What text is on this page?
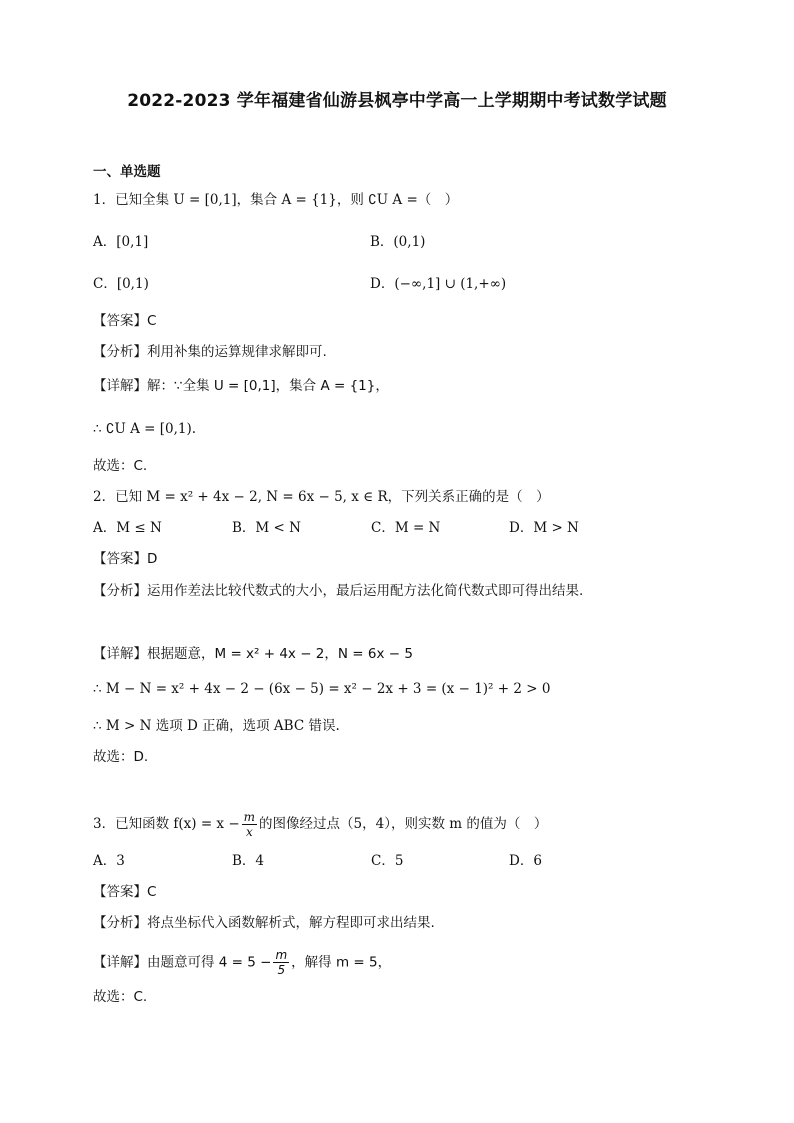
2022-2023 学年福建省仙游县枫亭中学高一上学期期中考试数学试题
一、单选题
1．已知全集 U = [0,1]，集合 A = {1}，则 ∁U A =（　）
A．[0,1]	B．(0,1)
C．[0,1)	D．(−∞,1] ∪ (1,+∞)
【答案】C
【分析】利用补集的运算规律求解即可.
【详解】解：∵全集 U = [0,1]，集合 A = {1}，
∴ ∁U A = [0,1).
故选：C.
2．已知 M = x² + 4x − 2, N = 6x − 5, x ∈ R，下列关系正确的是（　）
A．M ≤ N	B．M < N	C．M = N	D．M > N
【答案】D
【分析】运用作差法比较代数式的大小，最后运用配方法化简代数式即可得出结果.
【详解】根据题意，M = x² + 4x − 2，N = 6x − 5
∴ M − N = x² + 4x − 2 − (6x − 5) = x² − 2x + 3 = (x − 1)² + 2 > 0
∴ M > N 选项 D 正确，选项 ABC 错误.
故选：D.
3．已知函数 $f(x) = x - \frac{m}{x}$ 的图像经过点（5，4），则实数 m 的值为（　）
A．3	B．4	C．5	D．6
【答案】C
【分析】将点坐标代入函数解析式，解方程即可求出结果.
【详解】由题意可得 $4 = 5 - \frac{m}{5}$ ，解得 m = 5，
故选：C.
